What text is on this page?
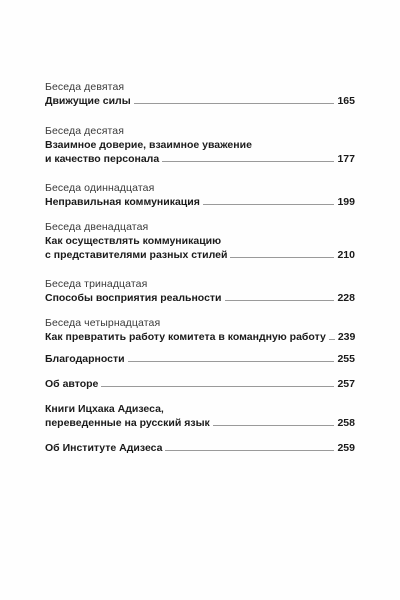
Беседа девятая
Движущие силы	165
Беседа десятая
Взаимное доверие, взаимное уважение
и качество персонала	177
Беседа одиннадцатая
Неправильная коммуникация	199
Беседа двенадцатая
Как осуществлять коммуникацию
с представителями разных стилей	210
Беседа тринадцатая
Способы восприятия реальности	228
Беседа четырнадцатая
Как превратить работу комитета в командную работу 239
Благодарности	255
Об авторе	257
Книги Ицхака Адизеса,
переведенные на русский язык	258
Об Институте Адизеса	259
